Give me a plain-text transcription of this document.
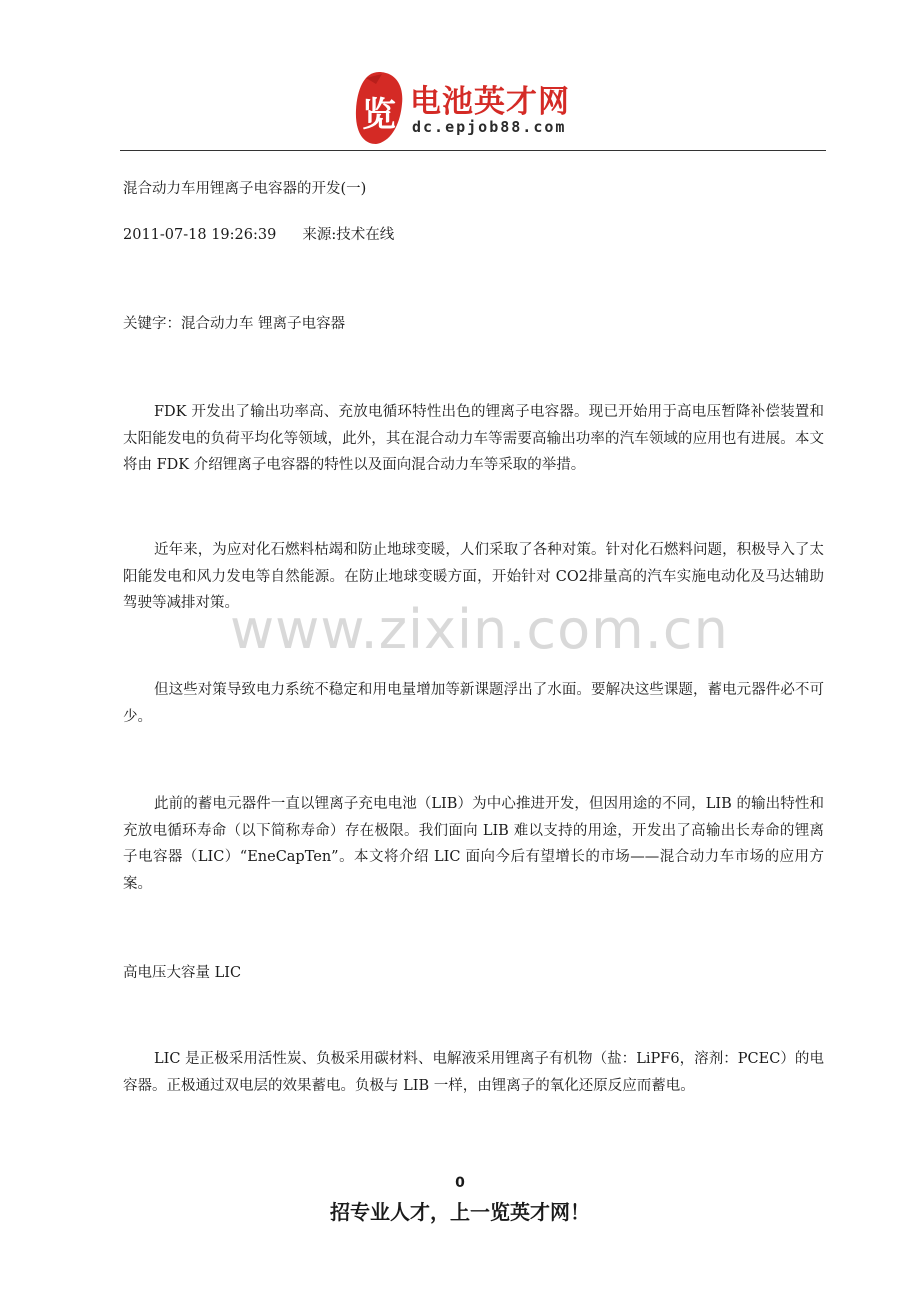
览 电池英才网
dc.epjob88.com
混合动力车用锂离子电容器的开发(一)
2011-07-18 19:26:39 来源:技术在线
关键字：混合动力车 锂离子电容器

FDK 开发出了输出功率高、充放电循环特性出色的锂离子电容器。现已开始用于高电压暂降补偿装置和太阳能发电的负荷平均化等领域，此外，其在混合动力车等需要高输出功率的汽车领域的应用也有进展。本文将由 FDK 介绍锂离子电容器的特性以及面向混合动力车等采取的举措。

近年来，为应对化石燃料枯竭和防止地球变暖，人们采取了各种对策。针对化石燃料问题，积极导入了太阳能发电和风力发电等自然能源。在防止地球变暖方面，开始针对 CO2排量高的汽车实施电动化及马达辅助驾驶等减排对策。

www.zixin.com.cn

但这些对策导致电力系统不稳定和用电量增加等新课题浮出了水面。要解决这些课题，蓄电元器件必不可少。

此前的蓄电元器件一直以锂离子充电电池（LIB）为中心推进开发，但因用途的不同，LIB 的输出特性和充放电循环寿命（以下简称寿命）存在极限。我们面向 LIB 难以支持的用途，开发出了高输出长寿命的锂离子电容器（LIC）“EneCapTen”。本文将介绍 LIC 面向今后有望增长的市场——混合动力车市场的应用方案。

高电压大容量 LIC

LIC 是正极采用活性炭、负极采用碳材料、电解液采用锂离子有机物（盐：LiPF6，溶剂：PCEC）的电容器。正极通过双电层的效果蓄电。负极与 LIB 一样，由锂离子的氧化还原反应而蓄电。

0
招专业人才，上一览英才网！
